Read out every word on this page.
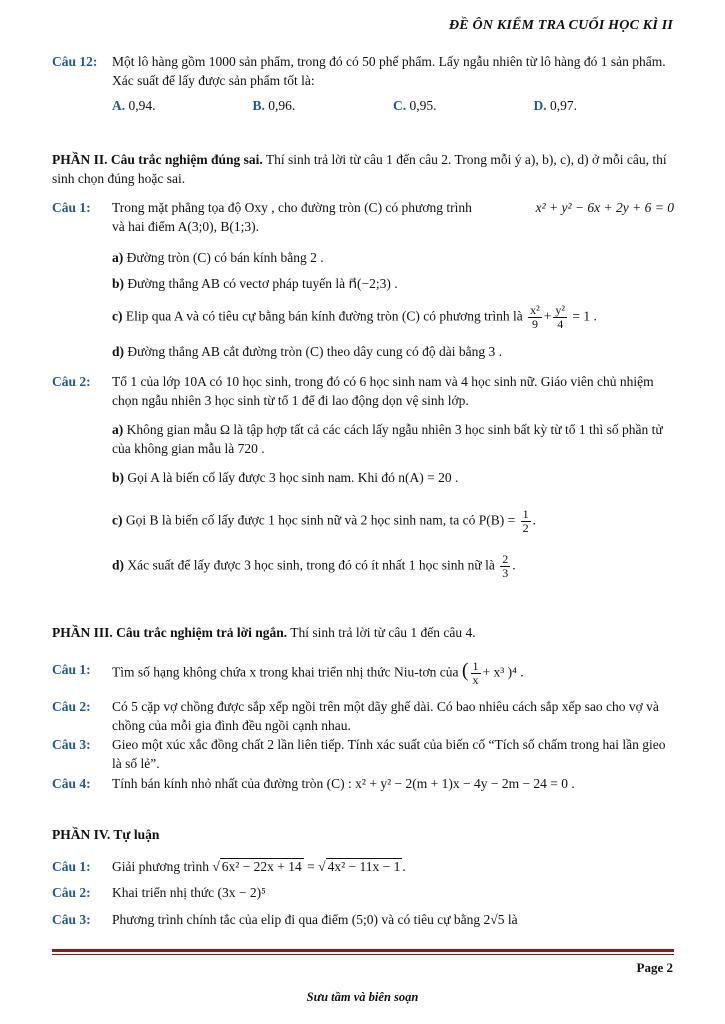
ĐỀ ÔN KIỂM TRA CUỐI HỌC KÌ II
Câu 12: Một lô hàng gồm 1000 sản phẩm, trong đó có 50 phế phẩm. Lấy ngẫu nhiên từ lô hàng đó 1 sản phẩm. Xác suất để lấy được sản phẩm tốt là:
A. 0,94.	B. 0,96.	C. 0,95.	D. 0,97.
PHẦN II. Câu trắc nghiệm đúng sai. Thí sinh trả lời từ câu 1 đến câu 2. Trong mỗi ý a), b), c), d) ở mỗi câu, thí sinh chọn đúng hoặc sai.
Câu 1: Trong mặt phẳng tọa độ Oxy , cho đường tròn (C) có phương trình	x² + y² − 6x + 2y + 6 = 0
và hai điểm A(3;0), B(1;3).
a) Đường tròn (C) có bán kính bằng 2 .
b) Đường thẳng AB có vectơ pháp tuyến là n⃗(−2;3) .
c) Elip qua A và có tiêu cự bằng bán kính đường tròn (C) có phương trình là $\frac{\text{x²}}{9} + \frac{\text{y²}}{4} = 1$ .
d) Đường thẳng AB cắt đường tròn (C) theo dây cung có độ dài bằng 3 .
Câu 2: Tổ 1 của lớp 10A có 10 học sinh, trong đó có 6 học sinh nam và 4 học sinh nữ. Giáo viên chủ nhiệm chọn ngẫu nhiên 3 học sinh từ tổ 1 để đi lao động dọn vệ sinh lớp.
a) Không gian mẫu Ω là tập hợp tất cả các cách lấy ngẫu nhiên 3 học sinh bất kỳ từ tổ 1 thì số phần tử của không gian mẫu là 720 .
b) Gọi A là biến cố lấy được 3 học sinh nam. Khi đó n(A) = 20 .
c) Gọi B là biến cố lấy được 1 học sinh nữ và 2 học sinh nam, ta có $P(B) = \frac{1}{2}$ .
d) Xác suất để lấy được 3 học sinh, trong đó có ít nhất 1 học sinh nữ là $\frac{2}{3}$ .
PHẦN III. Câu trắc nghiệm trả lời ngắn. Thí sinh trả lời từ câu 1 đến câu 4.
Câu 1: Tìm số hạng không chứa x trong khai triển nhị thức Niu-tơn của ( $\frac{1}{x} + x^3$ )⁴ .
Câu 2: Có 5 cặp vợ chồng được sắp xếp ngồi trên một dãy ghế dài. Có bao nhiêu cách sắp xếp sao cho vợ và chồng của mỗi gia đình đều ngồi cạnh nhau.
Câu 3: Gieo một xúc xắc đồng chất 2 lần liên tiếp. Tính xác suất của biến cố “Tích số chấm trong hai lần gieo là số lẻ”.
Câu 4: Tính bán kính nhỏ nhất của đường tròn (C) : x² + y² − 2(m + 1)x − 4y − 2m − 24 = 0 .
PHẦN IV. Tự luận
Câu 1: Giải phương trình √ 6x² − 22x + 14 = √ 4x² − 11x − 1 .
Câu 2: Khai triển nhị thức (3x − 2)⁵
Câu 3: Phương trình chính tắc của elip đi qua điểm (5;0) và có tiêu cự bằng 2√5 là
Page 2
Sưu tầm và biên soạn
